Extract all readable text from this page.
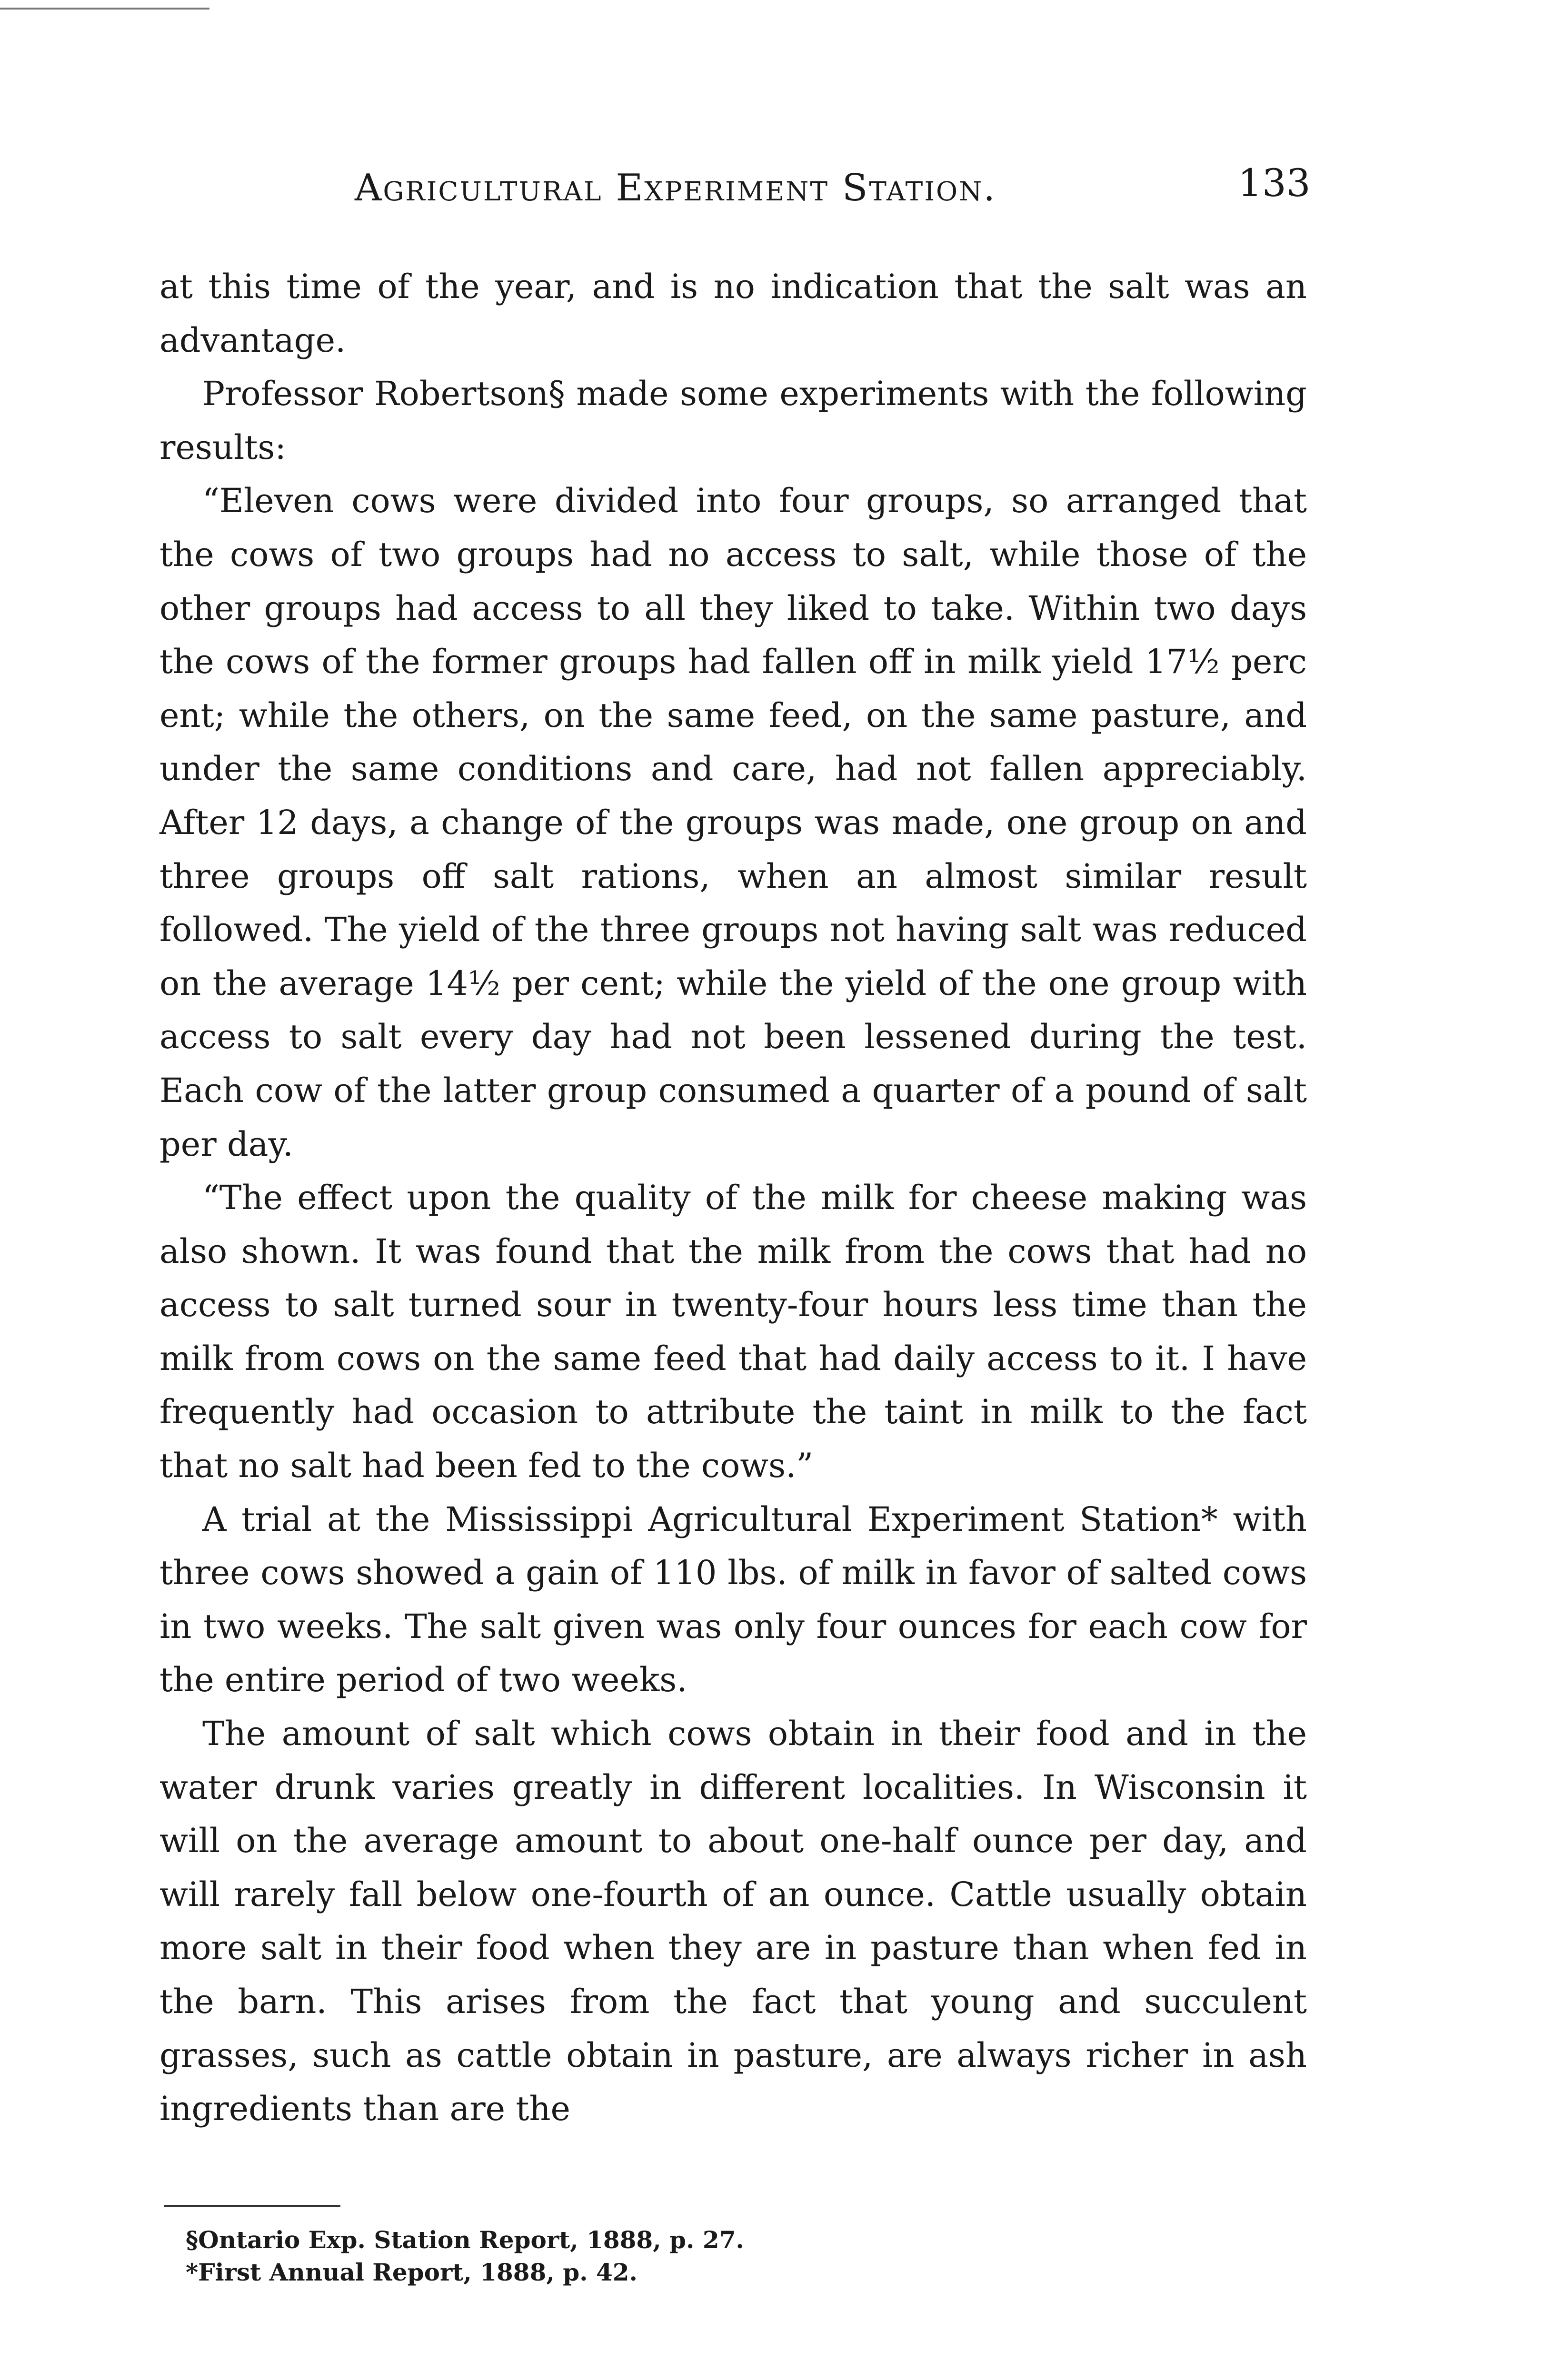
Agricultural Experiment Station.	133

at this time of the year, and is no indication that the salt was an advantage.

Professor Robertson§ made some experiments with the following results:

“Eleven cows were divided into four groups, so arranged that the cows of two groups had no access to salt, while those of the other groups had access to all they liked to take. Within two days the cows of the former groups had fallen off in milk yield 17½ perc ent; while the others, on the same feed, on the same pasture, and under the same conditions and care, had not fallen appreciably. After 12 days, a change of the groups was made, one group on and three groups off salt rations, when an almost similar result followed. The yield of the three groups not having salt was reduced on the average 14½ per cent; while the yield of the one group with access to salt every day had not been lessened during the test. Each cow of the latter group consumed a quarter of a pound of salt per day.

“The effect upon the quality of the milk for cheese making was also shown. It was found that the milk from the cows that had no access to salt turned sour in twenty-four hours less time than the milk from cows on the same feed that had daily access to it. I have frequently had occasion to attribute the taint in milk to the fact that no salt had been fed to the cows.”

A trial at the Mississippi Agricultural Experiment Station* with three cows showed a gain of 110 lbs. of milk in favor of salted cows in two weeks. The salt given was only four ounces for each cow for the entire period of two weeks.

The amount of salt which cows obtain in their food and in the water drunk varies greatly in different localities. In Wisconsin it will on the average amount to about one-half ounce per day, and will rarely fall below one-fourth of an ounce. Cattle usually obtain more salt in their food when they are in pasture than when fed in the barn. This arises from the fact that young and succulent grasses, such as cattle obtain in pasture, are always richer in ash ingredients than are the

§Ontario Exp. Station Report, 1888, p. 27.
*First Annual Report, 1888, p. 42.
